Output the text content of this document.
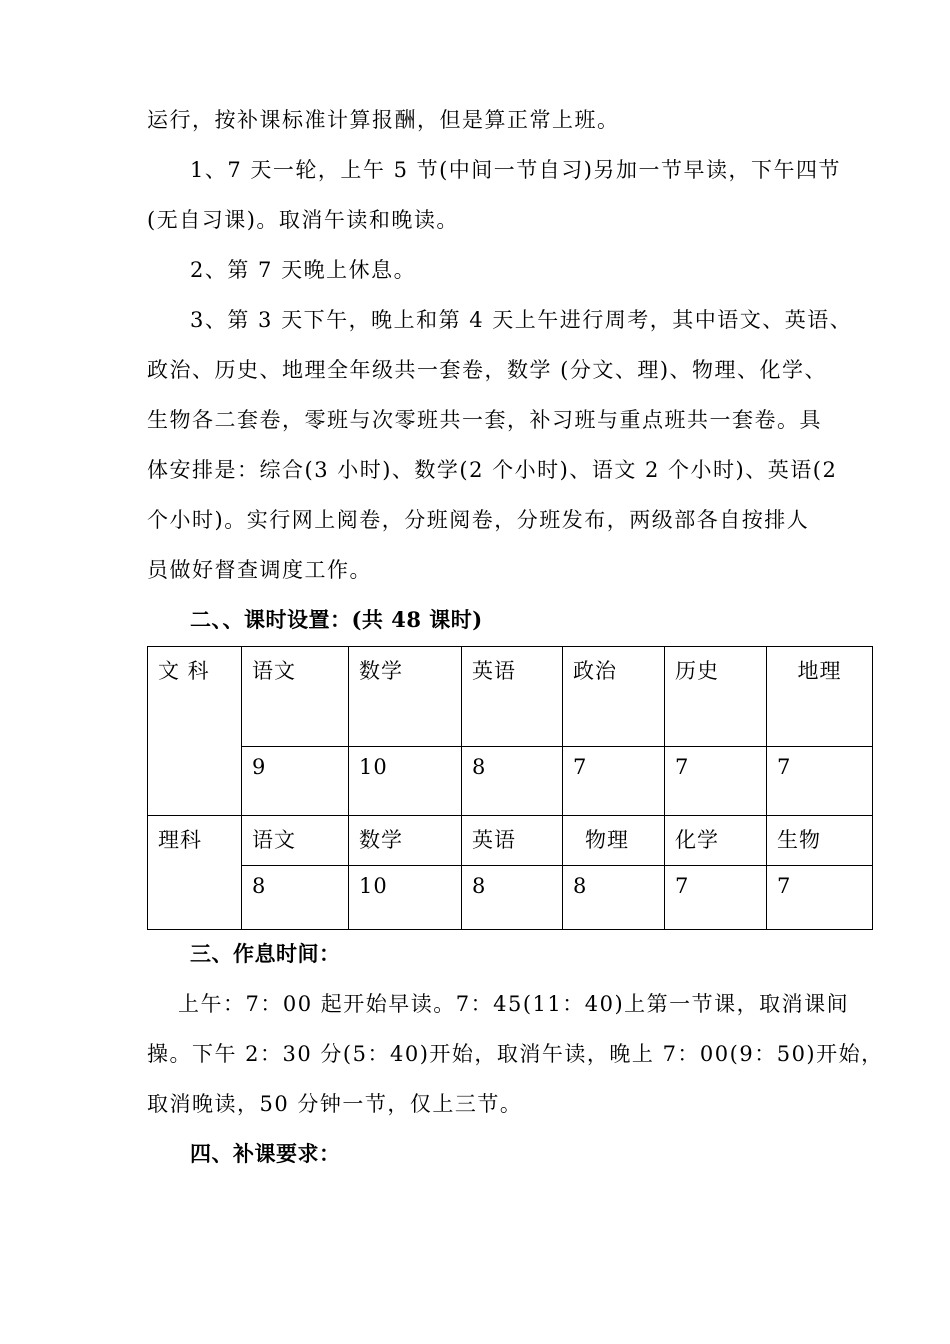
运行，按补课标准计算报酬，但是算正常上班。
1、7 天一轮，上午 5 节(中间一节自习)另加一节早读，下午四节
(无自习课)。取消午读和晚读。
2、第 7 天晚上休息。
3、第 3 天下午，晚上和第 4 天上午进行周考，其中语文、英语、
政治、历史、地理全年级共一套卷，数学 (分文、理)、物理、化学、
生物各二套卷，零班与次零班共一套，补习班与重点班共一套卷。具
体安排是：综合(3 小时)、数学(2 个小时)、语文 2 个小时)、英语(2
个小时)。实行网上阅卷，分班阅卷，分班发布，两级部各自按排人
员做好督查调度工作。
二、、课时设置：(共 48 课时)
文 科	语文	数学	英语	政治	历史	地理
	9	10	8	7	7	7
理科	语文	数学	英语	物理	化学	生物
	8	10	8	8	7	7
三、作息时间：
上午：7：00 起开始早读。7：45(11：40)上第一节课，取消课间
操。下午 2：30 分(5：40)开始，取消午读，晚上 7：00(9：50)开始，
取消晚读，50 分钟一节，仅上三节。
四、补课要求：
